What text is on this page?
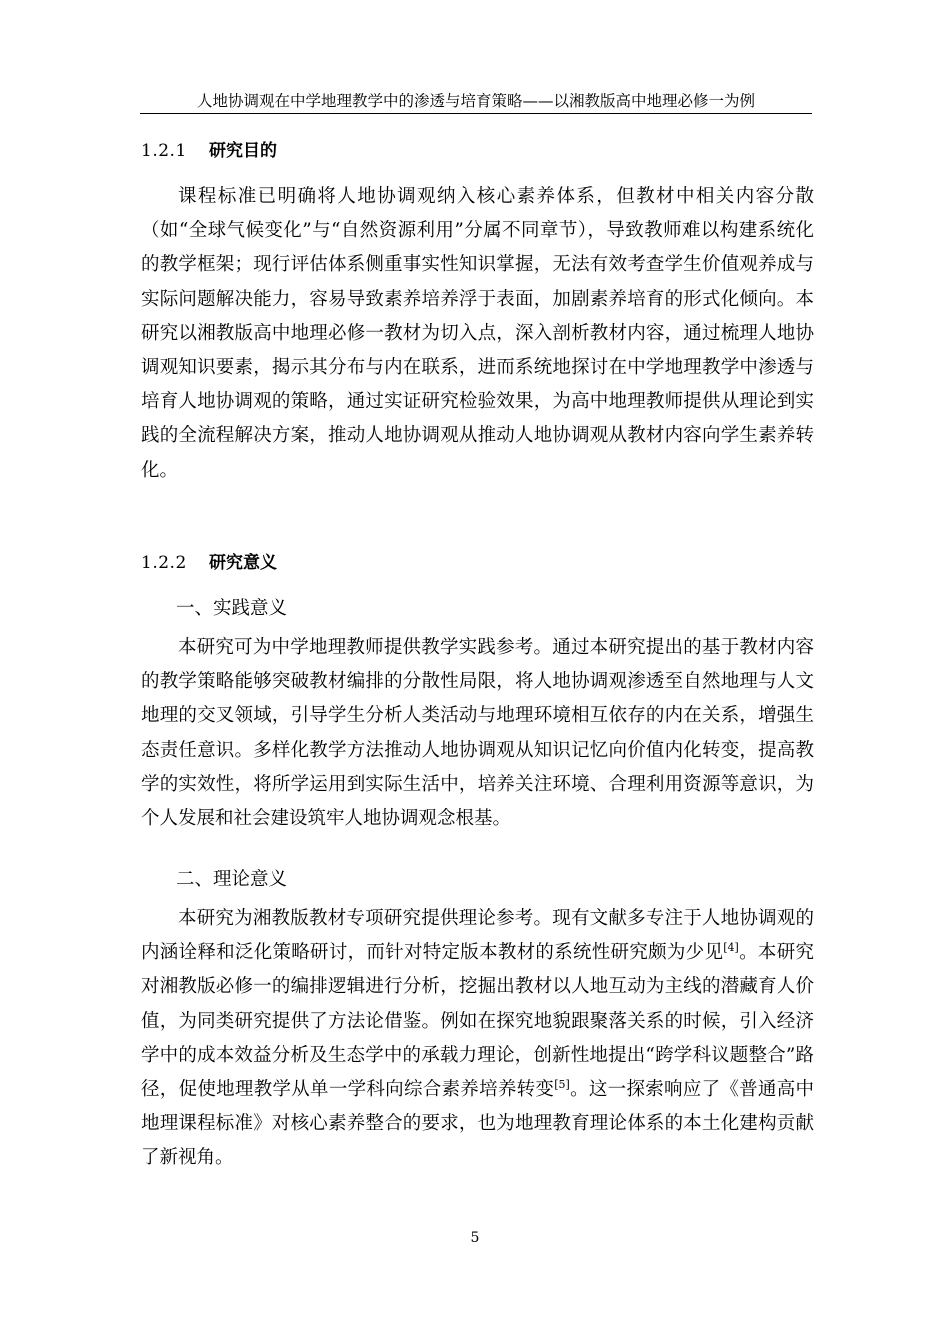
人地协调观在中学地理教学中的渗透与培育策略——以湘教版高中地理必修一为例
1.2.1 研究目的

课程标准已明确将人地协调观纳入核心素养体系，但教材中相关内容分散（如“全球气候变化”与“自然资源利用”分属不同章节），导致教师难以构建系统化的教学框架；现行评估体系侧重事实性知识掌握，无法有效考查学生价值观养成与实际问题解决能力，容易导致素养培养浮于表面，加剧素养培育的形式化倾向。本研究以湘教版高中地理必修一教材为切入点，深入剖析教材内容，通过梳理人地协调观知识要素，揭示其分布与内在联系，进而系统地探讨在中学地理教学中渗透与培育人地协调观的策略，通过实证研究检验效果，为高中地理教师提供从理论到实践的全流程解决方案，推动人地协调观从推动人地协调观从教材内容向学生素养转化。

1.2.2 研究意义
一、实践意义

本研究可为中学地理教师提供教学实践参考。通过本研究提出的基于教材内容的教学策略能够突破教材编排的分散性局限，将人地协调观渗透至自然地理与人文地理的交叉领域，引导学生分析人类活动与地理环境相互依存的内在关系，增强生态责任意识。多样化教学方法推动人地协调观从知识记忆向价值内化转变，提高教学的实效性，将所学运用到实际生活中，培养关注环境、合理利用资源等意识，为个人发展和社会建设筑牢人地协调观念根基。

二、理论意义

本研究为湘教版教材专项研究提供理论参考。现有文献多专注于人地协调观的内涵诠释和泛化策略研讨，而针对特定版本教材的系统性研究颇为少见[4]。本研究对湘教版必修一的编排逻辑进行分析，挖掘出教材以人地互动为主线的潜藏育人价值，为同类研究提供了方法论借鉴。例如在探究地貌跟聚落关系的时候，引入经济学中的成本效益分析及生态学中的承载力理论，创新性地提出“跨学科议题整合”路径，促使地理教学从单一学科向综合素养培养转变[5]。这一探索响应了《普通高中地理课程标准》对核心素养整合的要求，也为地理教育理论体系的本土化建构贡献了新视角。

5
